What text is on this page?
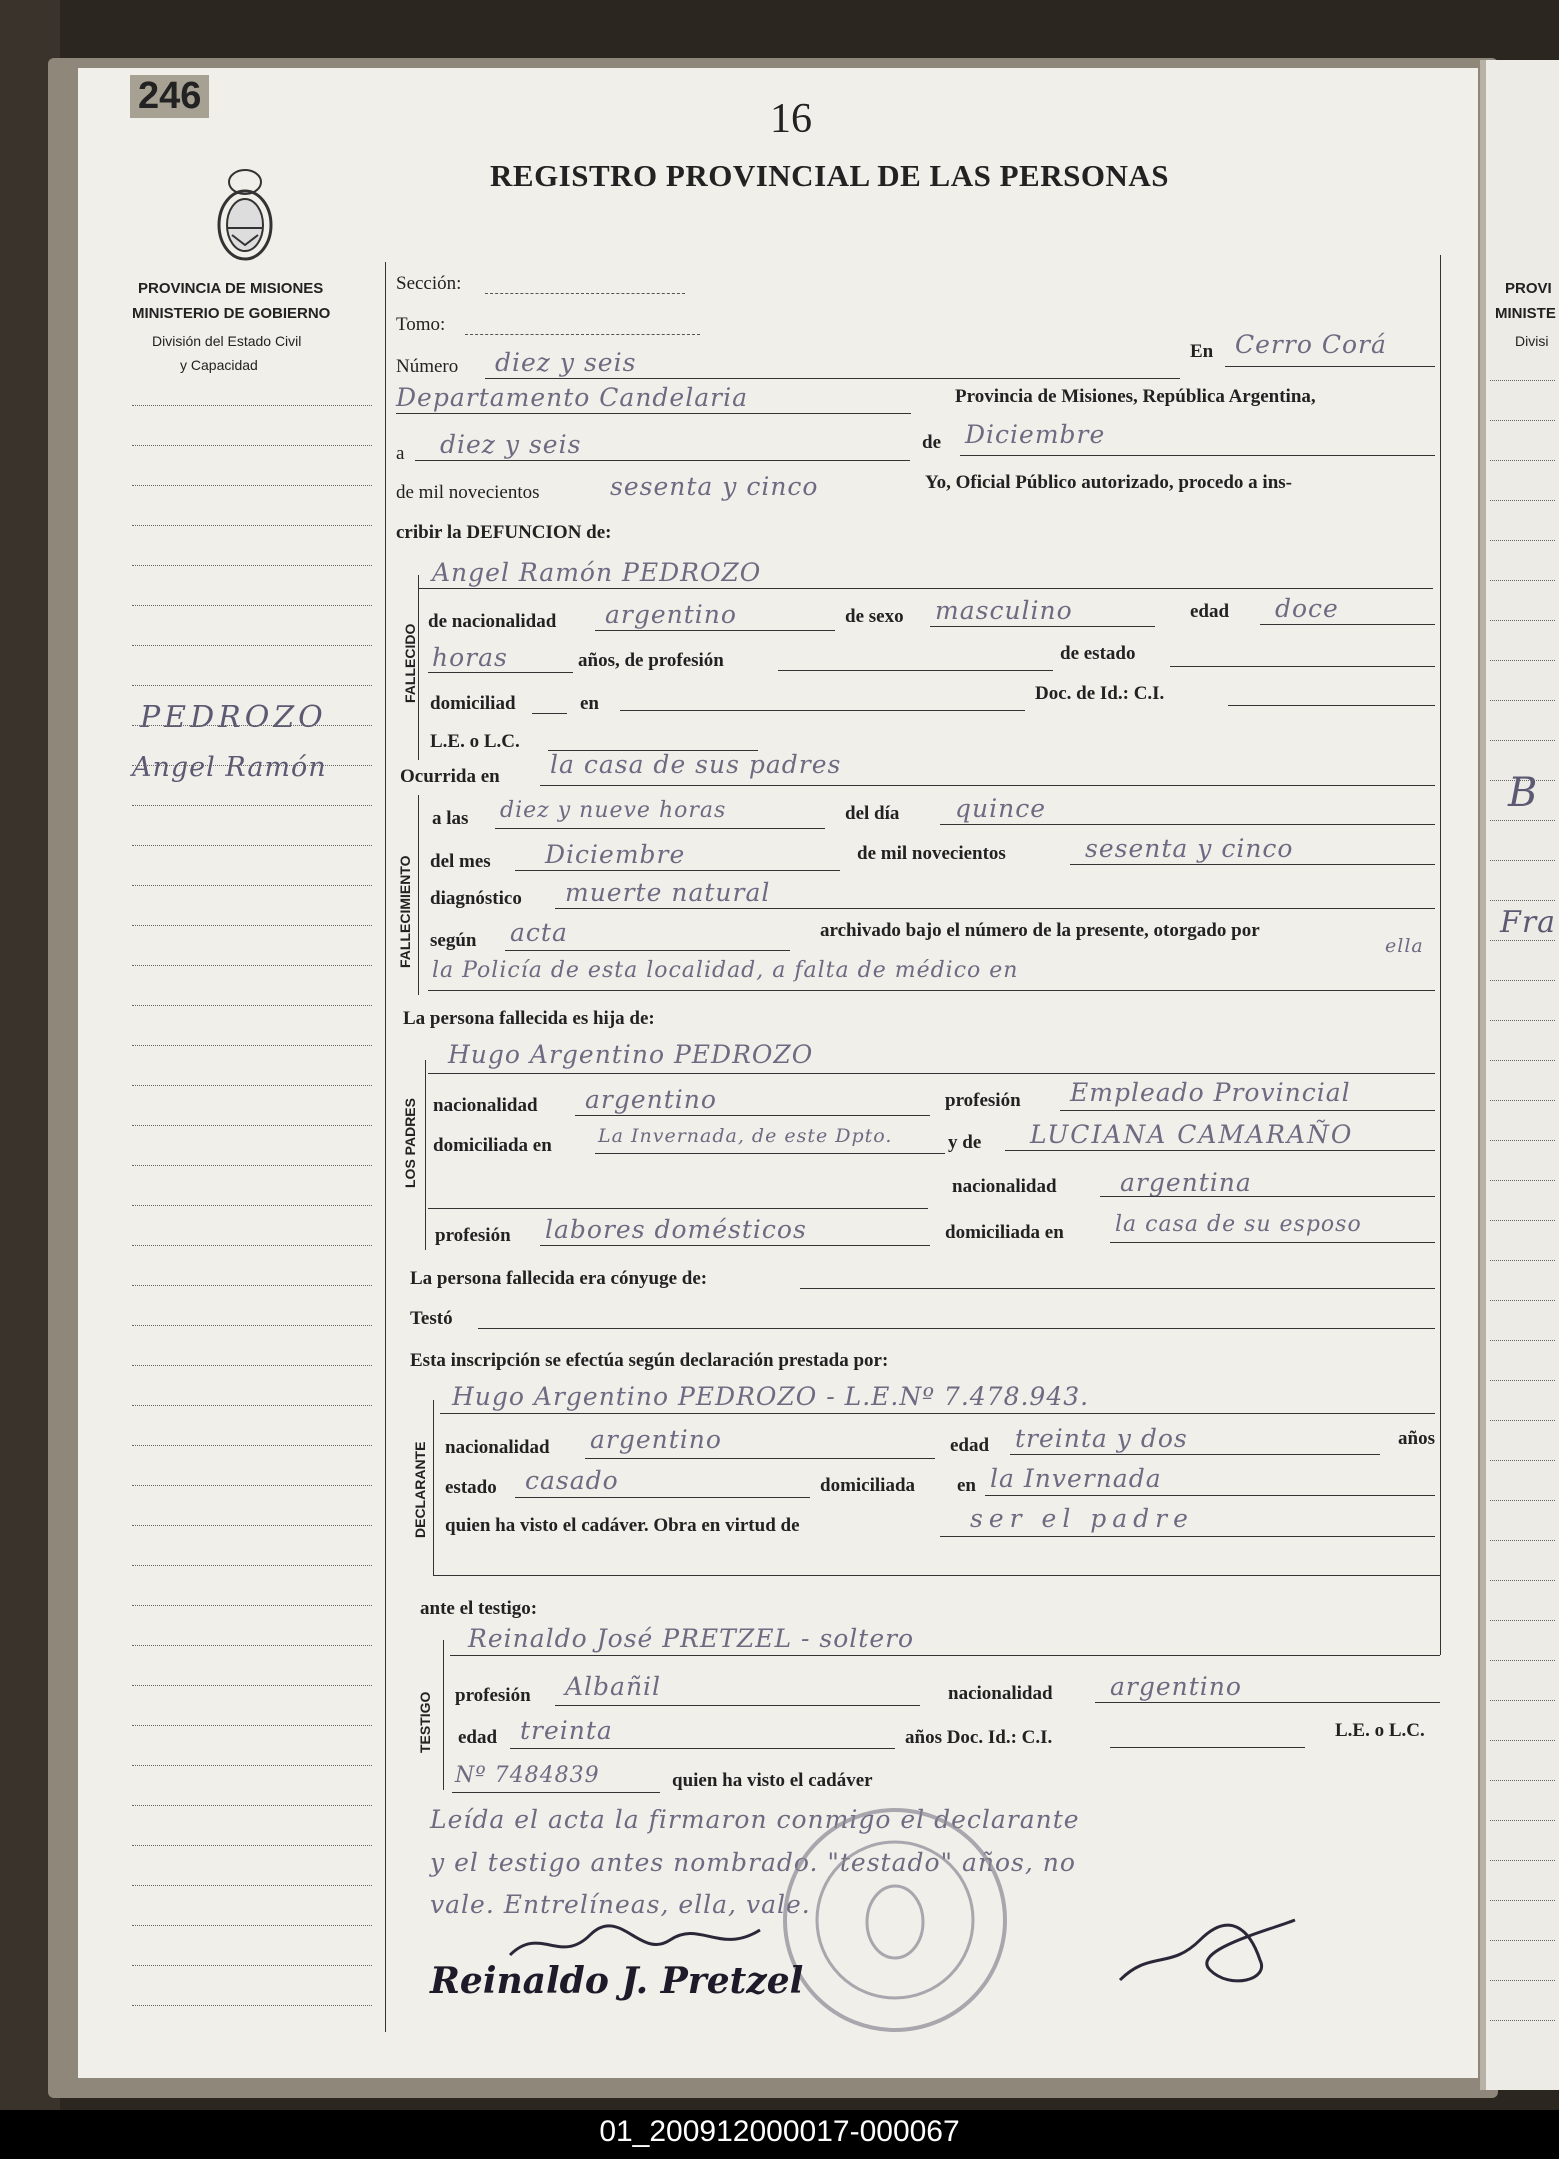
246	16
REGISTRO PROVINCIAL DE LAS PERSONAS
PROVINCIA DE MISIONES
MINISTERIO DE GOBIERNO
División del Estado Civil
y Capacidad
PEDROZO
Angel Ramón
PROVI
MINISTE
Divisi
B
Fra
Sección:
Tomo:
Número diez y seis	En Cerro Corá
Departamento Candelaria	Provincia de Misiones, República Argentina,
a diez y seis	de Diciembre
de mil novecientos	sesenta y cinco	Yo, Oficial Público autorizado, procedo a ins-
cribir la DEFUNCION de:
FALLECIDO
Angel Ramón PEDROZO
de nacionalidad argentino	de sexo masculino	edad doce
horas	años, de profesión	de estado
domiciliad	en	Doc. de Id.: C.I.
L.E. o L.C.
Ocurrida en la casa de sus padres
FALLECIMIENTO
a las diez y nueve horas	del día quince
del mes Diciembre	de mil novecientos	sesenta y cinco
diagnóstico muerte natural
según acta	archivado bajo el número de la presente, otorgado por
ella
la Policía de esta localidad, a falta de médico en
La persona fallecida es hija de:
LOS PADRES
Hugo Argentino PEDROZO
nacionalidad argentino	profesión Empleado Provincial
domiciliada en La Invernada, de este Dpto.	y de LUCIANA CAMARAÑO
nacionalidad	argentina
profesión labores domésticos	domiciliada en la casa de su esposo
La persona fallecida era cónyuge de:
Testó
Esta inscripción se efectúa según declaración prestada por:
DECLARANTE
Hugo Argentino PEDROZO - L.E.Nº 7.478.943.
nacionalidad argentino	edad treinta y dos	años
estado casado	domiciliada en la Invernada
quien ha visto el cadáver. Obra en virtud de	ser el padre
ante el testigo:
TESTIGO
Reinaldo José PRETZEL - soltero
profesión Albañil	nacionalidad argentino
edad treinta	años Doc. Id.: C.I.	L.E. o L.C.
Nº 7484839	quien ha visto el cadáver
Leída el acta la firmaron conmigo el declarante
y el testigo antes nombrado. "testado" años, no
vale. Entrelíneas, ella, vale.
Reinaldo J. Pretzel
01_200912000017-000067
